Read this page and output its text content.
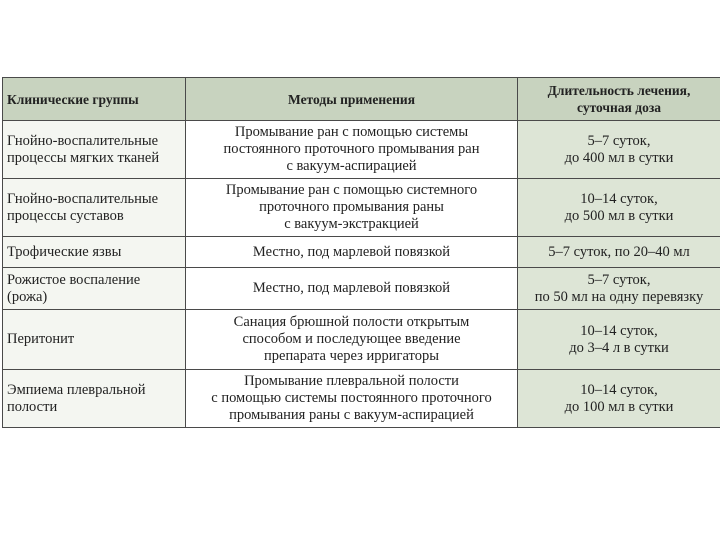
Клинические группы	Методы применения	Длительность лечения,
суточная доза

Гнойно-воспалительные
процессы мягких тканей	Промывание ран с помощью системы
постоянного проточного промывания ран
с вакуум-аспирацией	5–7 суток,
до 400 мл в сутки

Гнойно-воспалительные
процессы суставов	Промывание ран с помощью системного
проточного промывания раны
с вакуум-экстракцией	10–14 суток,
до 500 мл в сутки

Трофические язвы	Местно, под марлевой повязкой	5–7 суток, по 20–40 мл

Рожистое воспаление
(рожа)	Местно, под марлевой повязкой	5–7 суток,
по 50 мл на одну перевязку

Перитонит	Санация брюшной полости открытым
способом и последующее введение
препарата через ирригаторы	10–14 суток,
до 3–4 л в сутки

Эмпиема плевральной
полости	Промывание плевральной полости
с помощью системы постоянного проточного
промывания раны с вакуум-аспирацией	10–14 суток,
до 100 мл в сутки
